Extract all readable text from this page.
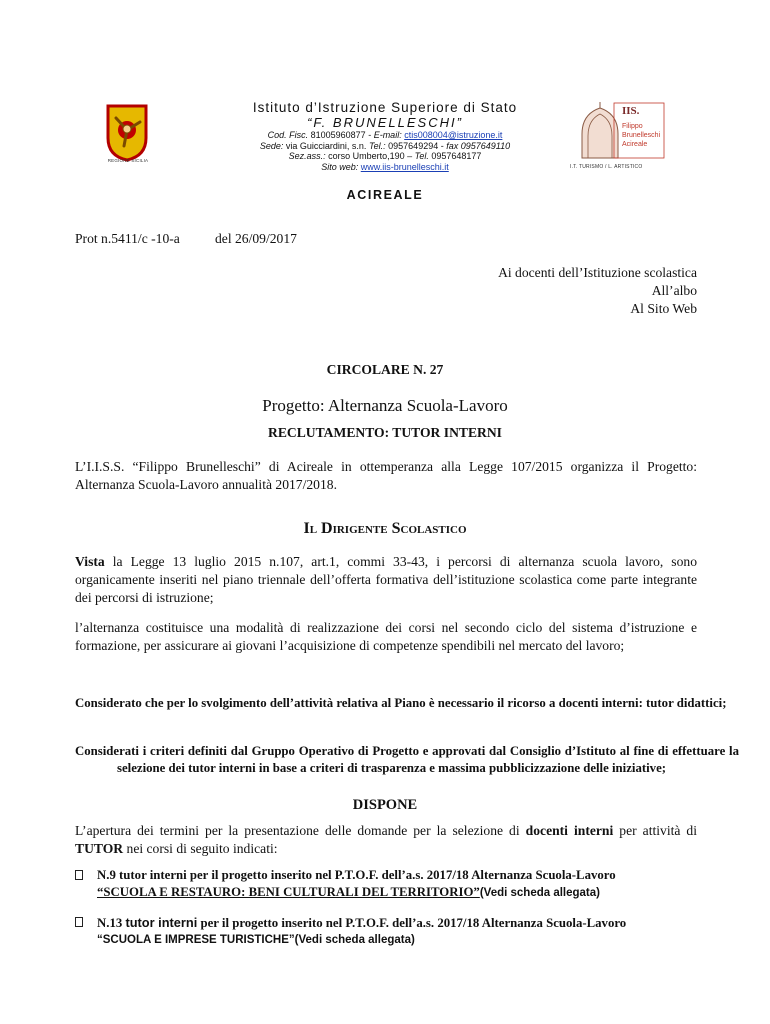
REGIONE SICILIA
Istituto d’Istruzione Superiore di Stato
“F. BRUNELLESCHI”
Cod. Fisc. 81005960877 - E-mail: ctis008004@istruzione.it
Sede: via Guicciardini, s.n. Tel.: 0957649294 - fax 0957649110
Sez.ass.: corso Umberto,190 – Tel. 0957648177
Sito web: www.iis-brunelleschi.it
ACIREALE
IIS.
Filippo
Brunelleschi
Acireale
I.T. TURISMO / L. ARTISTICO
Prot n.5411/c -10-a	del 26/09/2017
Ai docenti dell’Istituzione scolastica
All’albo
Al Sito Web
CIRCOLARE N. 27
Progetto: Alternanza Scuola-Lavoro
RECLUTAMENTO: TUTOR INTERNI
L’I.I.S.S. “Filippo Brunelleschi” di Acireale in ottemperanza alla Legge 107/2015 organizza il Progetto: Alternanza Scuola-Lavoro annualità 2017/2018.
Il Dirigente Scolastico
Vista la Legge 13 luglio 2015 n.107, art.1, commi 33-43, i percorsi di alternanza scuola lavoro, sono organicamente inseriti nel piano triennale dell’offerta formativa dell’istituzione scolastica come parte integrante dei percorsi di istruzione;
l’alternanza costituisce una modalità di realizzazione dei corsi nel secondo ciclo del sistema d’istruzione e formazione, per assicurare ai giovani l’acquisizione di competenze spendibili nel mercato del lavoro;
Considerato che per lo svolgimento dell’attività relativa al Piano è necessario il ricorso a docenti interni: tutor didattici;
Considerati i criteri definiti dal Gruppo Operativo di Progetto e approvati dal Consiglio d’Istituto al fine di effettuare la selezione dei tutor interni in base a criteri di trasparenza e massima pubblicizzazione delle iniziative;
DISPONE
L’apertura dei termini per la presentazione delle domande per la selezione di docenti interni per attività di TUTOR nei corsi di seguito indicati:
N.9 tutor interni per il progetto inserito nel P.T.O.F. dell’a.s. 2017/18 Alternanza Scuola-Lavoro
“SCUOLA E RESTAURO: BENI CULTURALI DEL TERRITORIO”(Vedi scheda allegata)
N.13 tutor interni per il progetto inserito nel P.T.O.F. dell’a.s. 2017/18 Alternanza Scuola-Lavoro
“SCUOLA E IMPRESE TURISTICHE”(Vedi scheda allegata)
